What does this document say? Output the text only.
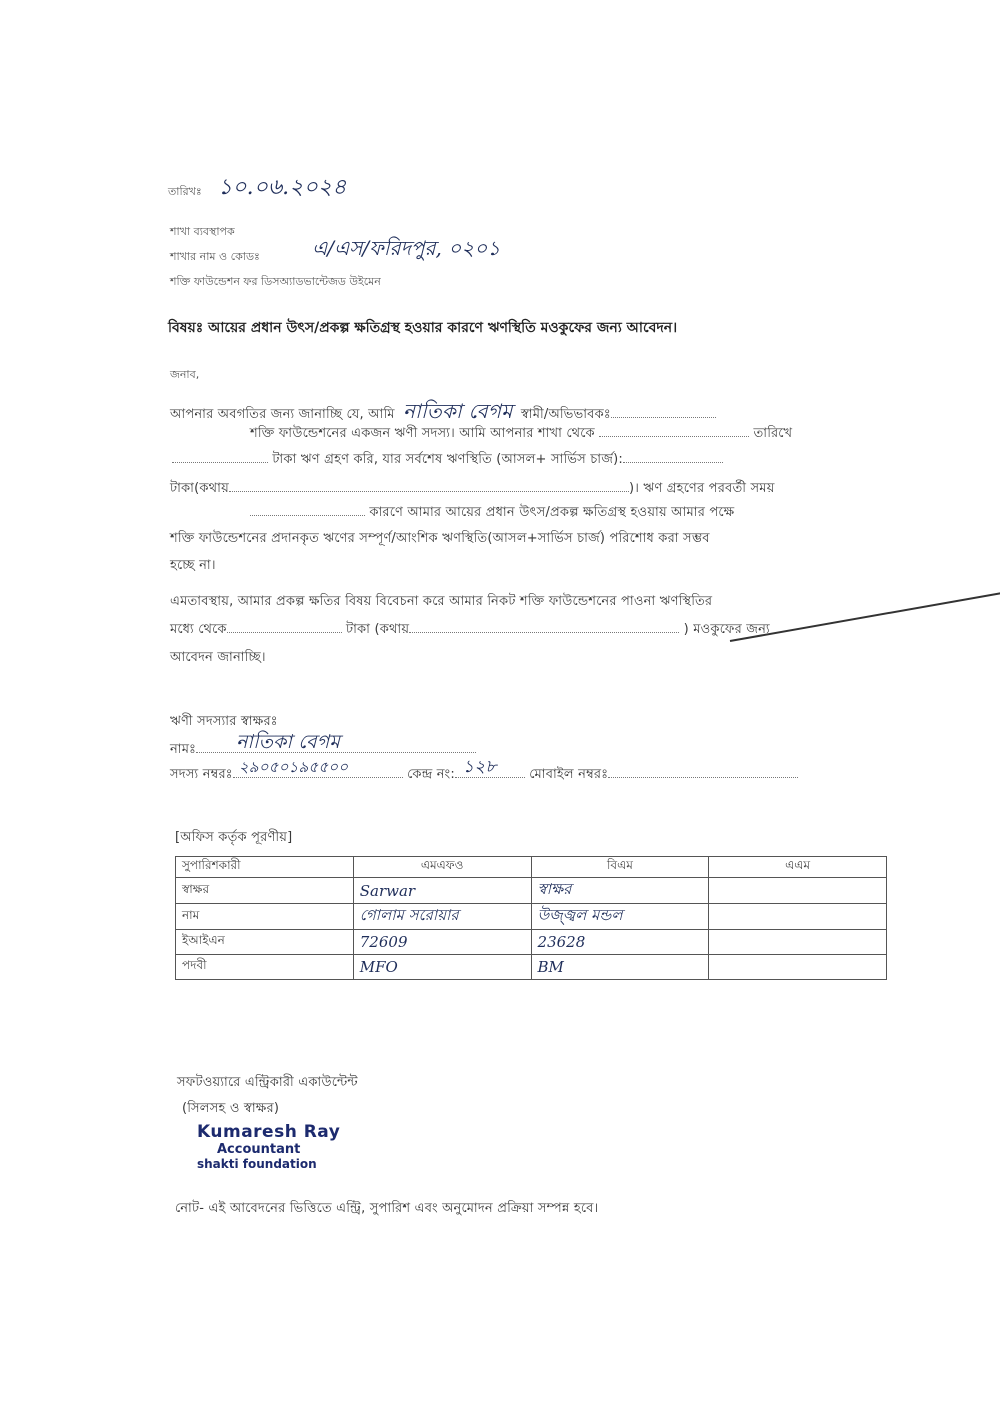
তারিখঃ ১০.০৬.২০২৪
শাখা ব্যবস্থাপক
শাখার নাম ও কোডঃ	এ/এস/ফরিদপুর, ০২০১
শক্তি ফাউন্ডেশন ফর ডিসঅ্যাডভান্টেজড উইমেন
বিষয়ঃ আয়ের প্রধান উৎস/প্রকল্প ক্ষতিগ্রস্থ হওয়ার কারণে ঋণস্থিতি মওকুফের জন্য আবেদন।
জনাব,
আপনার অবগতির জন্য জানাচ্ছি যে, আমি নাতিকা বেগম স্বামী/অভিভাবকঃ
শক্তি ফাউন্ডেশনের একজন ঋণী সদস্য। আমি আপনার শাখা থেকে	তারিখে
টাকা ঋণ গ্রহণ করি, যার সর্বশেষ ঋণস্থিতি (আসল+ সার্ভিস চার্জ):
টাকা(কথায়	)। ঋণ গ্রহণের পরবর্তী সময়
কারণে আমার আয়ের প্রধান উৎস/প্রকল্প ক্ষতিগ্রস্থ হওয়ায় আমার পক্ষে
শক্তি ফাউন্ডেশনের প্রদানকৃত ঋণের সম্পূর্ণ/আংশিক ঋণস্থিতি(আসল+সার্ভিস চার্জ) পরিশোধ করা সম্ভব
হচ্ছে না।
এমতাবস্থায়, আমার প্রকল্প ক্ষতির বিষয় বিবেচনা করে আমার নিকট শক্তি ফাউন্ডেশনের পাওনা ঋণস্থিতির
মধ্যে থেকে	টাকা (কথায়	) মওকুফের জন্য
আবেদন জানাচ্ছি।
ঋণী সদস্যার স্বাক্ষরঃ
নামঃ নাতিকা বেগম
সদস্য নম্বরঃ ২৯০৫০১৯৫৫০০	কেন্দ্র নং: ১২৮	মোবাইল নম্বরঃ
[অফিস কর্তৃক পূরণীয়]
সুপারিশকারী	এমএফও	বিএম	এএম
স্বাক্ষর	Sarwar	স্বাক্ষর	
নাম	গোলাম সরোয়ার	উজ্জ্বল মন্ডল	
ইআইএন	72609	23628	
পদবী	MFO	BM	
সফটওয়্যারে এন্ট্রিকারী একাউন্টেন্ট
(সিলসহ ও স্বাক্ষর)
Kumaresh Ray
Accountant
shakti foundation
নোট- এই আবেদনের ভিত্তিতে এন্ট্রি, সুপারিশ এবং অনুমোদন প্রক্রিয়া সম্পন্ন হবে।
